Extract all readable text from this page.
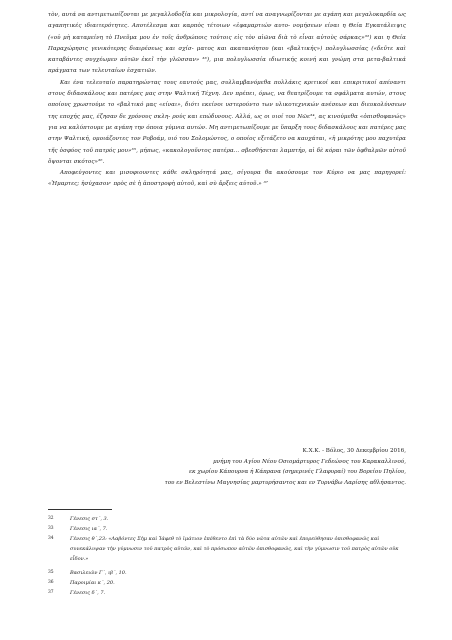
τὸν, αυτά να αντιμετωπίζονται με μεγαλλοδοξία και μικρολογία, αντί να αναγνωρίζονται με αγάπη και μεγαλοκαρδία ως αγαπητικές ιδιαιτερότητες. Αποτέλεσμα και καρπὸς τέτοιων «ἐφαμαρτιών αυτο- νομήσεων είναι η Θεία Εγκατάλειψις («οὐ μὴ καταμείνη τὸ Πνεῦμα μου ἐν τοῖς ἀνθρώποις τούτοις εἰς τὸν αἰῶνα διὰ τὸ εἶναι αὐτοὺς σάρκας»³²) και η Θεία Παραχώρησις γενικότερης διαιρέσεως και σχίσ- ματος και ακατανόητου (και «βαλτικής») πολυγλωσσίας («δεῦτε καὶ καταβάντες συγχέωμεν αὐτῶν ἐκεῖ τὴν γλῶσσαν» ³³), μια πολυγλωσσία ιδιωτικής κοινή και γνώμη στα μετα-βαλτικά πράγματα των τελευταίων ἐσχατιῶν.

Και ένα τελευταίο παρατηρώντας τους εαυτούς μας, συλλαμβανόμεθα πολλάκις κριτικοί και επικριτικοί απέναντι στους διδασκάλους και πατέρες μας στην Ψαλτική Τέχνη. Δεν πρέπει, όμως, να θεατρίζουμε τα σφάλματα αυτών, στους οποίους χρωστούμε το «βαλτικό μας «είναι», διότι εκείνοι υστερούντο των υλικοτεχνικών ανέσεων και διευκολύνσεων της εποχής μας, έζησαν δε χρόνους σκλη- ρούς και επώδυνους. Αλλά, ως οι υιοί του Νῶε³⁴, ας κινούμεθα «ὀπισθοφανώς» για να καλύπτουμε με αγάπη την όποια γύμνια αυτών. Μη αντιμετωπίζουμε με ὕπαρξη τους διδασκάλους και πατέρες μας στην Ψαλτική, ομοιάζοντες τον Ροβοάμ, υιό του Σολομώντος, ο οποίος εξιτάζετο να καυχάται, «ἡ μικρότης μου παχυτέρα τῆς ὀσφύος τοῦ πατρός μου»³⁵, μήπως, «κακολογοῦντος πατέρα... σβεσθήσεται λαμπτήρ, αἱ δὲ κόραι τῶν ὀφθαλμῶν αὐτοῦ ὄψονται σκότος»³⁶.

Αποφεύγοντες και μισοφιουντες κάθε σκληρότητά μας, σίγουρα θα ακούσουμε τον Κύριο να μας παρηγορεί: «Ἡμαρτες; ἡσύχασον· πρὸς σὲ ἡ ἀποστροφὴ αὐτοῦ, καὶ σὺ ἄρξεις αὐτοῦ.» ³⁷

Κ.Χ.Κ. - Βόλος, 30 Δεκεμβρίου 2016,
μνήμη του Αγίου Νέου Οσιομάρτυρος Γεδεώνος του Καρακαλλινού,
εκ χωρίου Κάπουρνα ή Κάπρανα (σημερινές Γλαφυραί) του Βορείου Πηλίου,
του εν Βελεστίνω Μαγνησίας μαρτυρήσαντος και εν Τυρνάβω Λαρίσης αθλήσαντος.
32	Γένεσις στ΄, 3.
33	Γένεσις ια΄, 7.
34	Γένεσις θ΄,23: «Λαβόντες Σὴμ καὶ Ἰάφεθ τὸ ἱμάτιον ἐπέθεντο ἐπὶ τὰ δύο νῶτα αὐτῶν καὶ ἐπορεύθησαν ὀπισθοφανῶς καὶ συνεκάλυψαν τὴν γύμνωσιν τοῦ πατρὸς αὐτῶν, καὶ τὸ πρόσωπον αὐτῶν ὀπισθοφανῶς, καὶ τὴν γύμνωσιν τοῦ πατρὸς αὐτῶν οὐκ εἶδον.»
35	Βασιλειῶν Γ΄, ιβ΄, 10.
36	Παροιμίαι κ΄, 20.
37	Γένεσις δ΄, 7.
